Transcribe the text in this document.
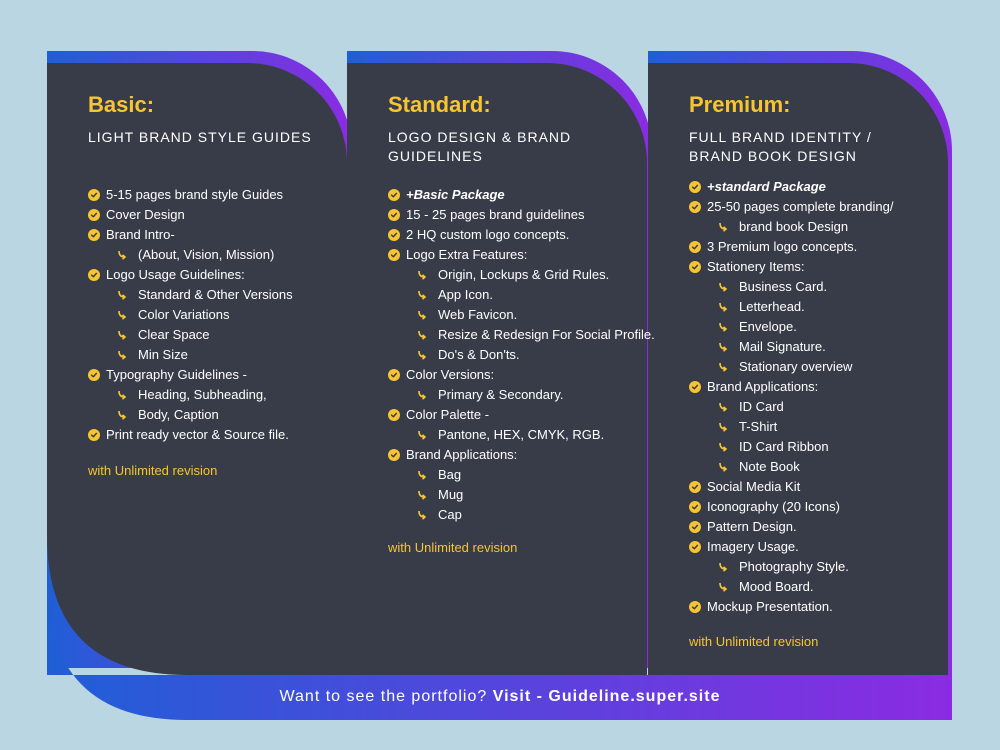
Basic:
LIGHT BRAND STYLE GUIDES
5-15 pages brand style Guides
Cover Design
Brand Intro-
(About, Vision, Mission)
Logo Usage Guidelines:
Standard & Other Versions
Color Variations
Clear Space
Min Size
Typography Guidelines -
Heading, Subheading,
Body, Caption
Print ready vector & Source file.
with Unlimited revision
Standard:
LOGO DESIGN & BRAND GUIDELINES
+Basic Package
15 - 25 pages brand guidelines
2 HQ custom logo concepts.
Logo Extra Features:
Origin, Lockups & Grid Rules.
App Icon.
Web Favicon.
Resize & Redesign For Social Profile.
Do's & Don'ts.
Color Versions:
Primary & Secondary.
Color Palette -
Pantone, HEX, CMYK, RGB.
Brand Applications:
Bag
Mug
Cap
with Unlimited revision
Premium:
FULL BRAND IDENTITY / BRAND BOOK DESIGN
+standard Package
25-50 pages complete branding/
brand book Design
3 Premium logo concepts.
Stationery Items:
Business Card.
Letterhead.
Envelope.
Mail Signature.
Stationary overview
Brand Applications:
ID Card
T-Shirt
ID Card Ribbon
Note Book
Social Media Kit
Iconography (20 Icons)
Pattern Design.
Imagery Usage.
Photography Style.
Mood Board.
Mockup Presentation.
with Unlimited revision
Want to see the portfolio? Visit - Guideline.super.site
